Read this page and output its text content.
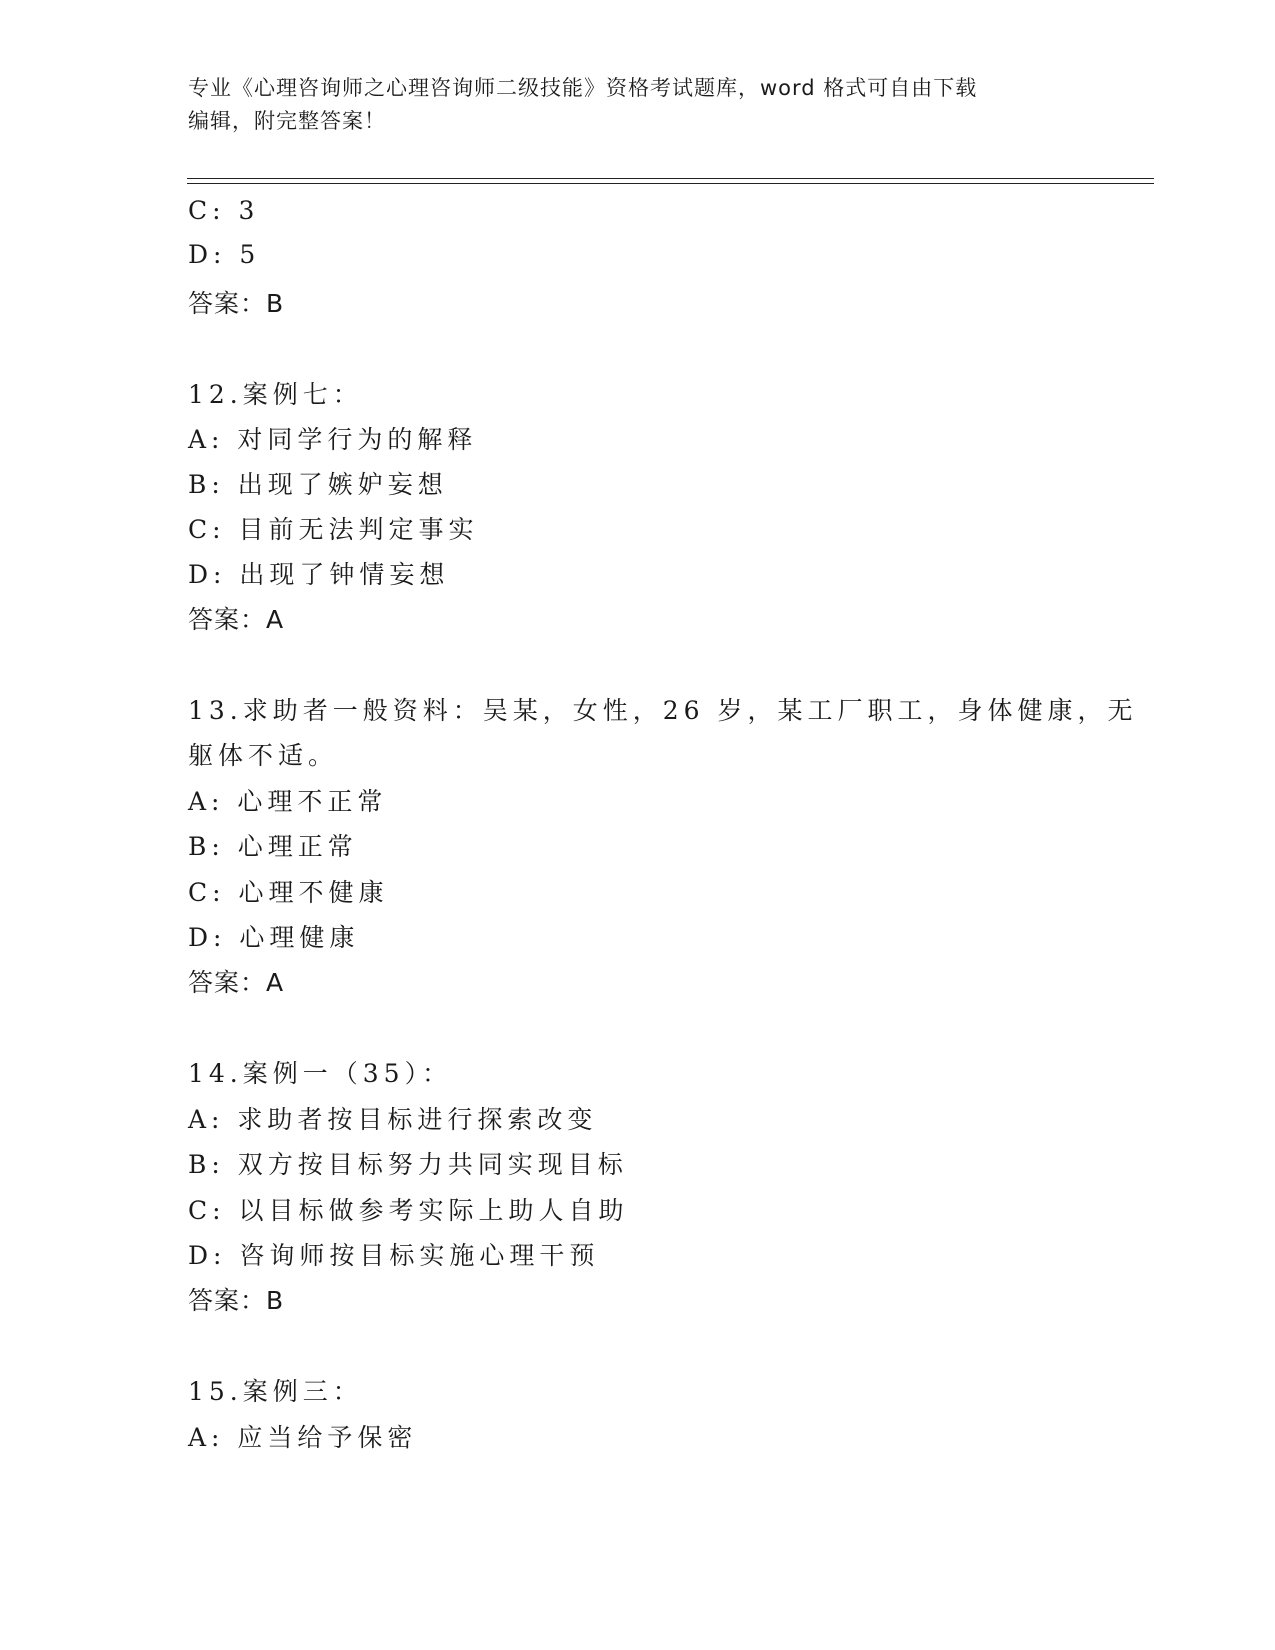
专业《心理咨询师之心理咨询师二级技能》资格考试题库，word 格式可自由下载
编辑，附完整答案！
C: 3
D: 5
答案：B
12.案例七：
A: 对同学行为的解释
B: 出现了嫉妒妄想
C: 目前无法判定事实
D: 出现了钟情妄想
答案：A
13.求助者一般资料：吴某，女性，26 岁，某工厂职工，身体健康，无
躯体不适。
A: 心理不正常
B: 心理正常
C: 心理不健康
D: 心理健康
答案：A
14.案例一（35）：
A: 求助者按目标进行探索改变
B: 双方按目标努力共同实现目标
C: 以目标做参考实际上助人自助
D: 咨询师按目标实施心理干预
答案：B
15.案例三：
A: 应当给予保密
